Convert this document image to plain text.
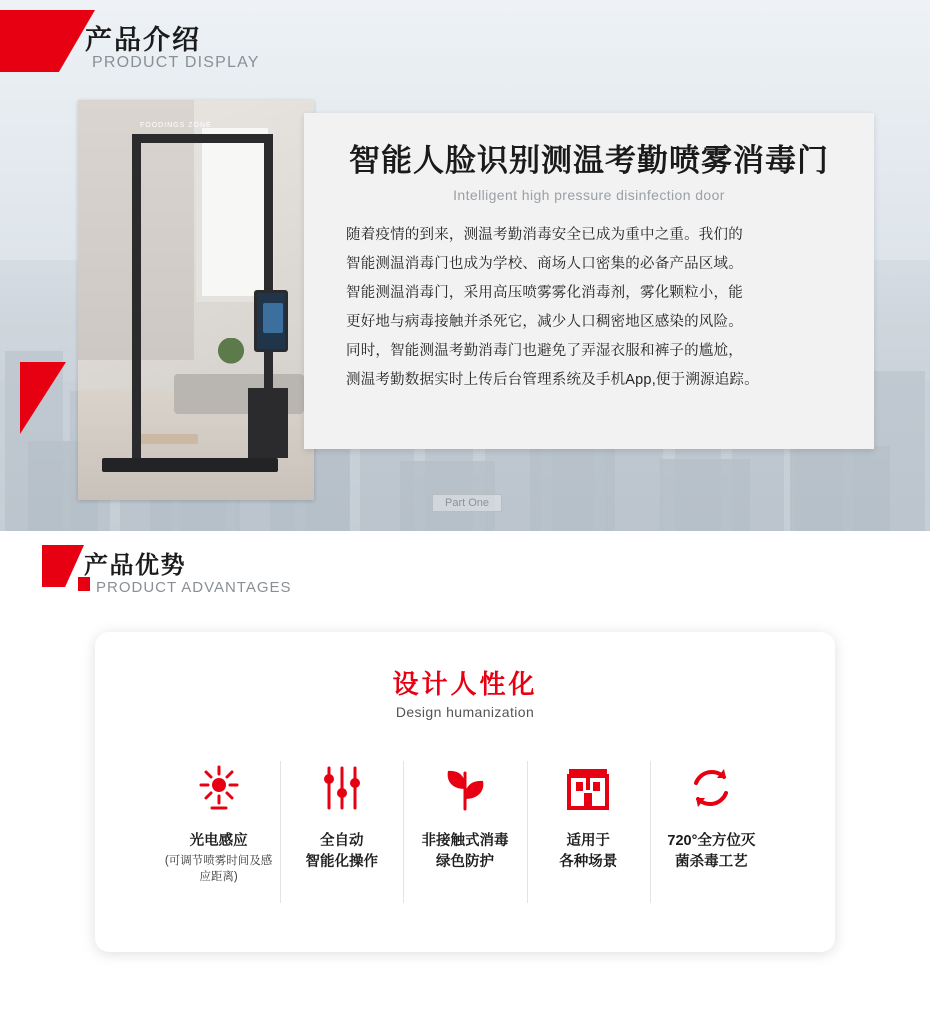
产品介绍
PRODUCT DISPLAY
FOODINGS ZONE
智能人脸识别测温考勤喷雾消毒门
Intelligent high pressure disinfection door

随着疫情的到来，测温考勤消毒安全已成为重中之重。我们的

智能测温消毒门也成为学校、商场人口密集的必备产品区域。

智能测温消毒门，采用高压喷雾雾化消毒剂，雾化颗粒小，能

更好地与病毒接触并杀死它，减少人口稠密地区感染的风险。

同时，智能测温考勤消毒门也避免了弄湿衣服和裤子的尴尬，

测温考勤数据实时上传后台管理系统及手机App,便于溯源追踪。

Part One
产品优势
PRODUCT ADVANTAGES
设计人性化
Design humanization
光电感应
(可调节喷雾时间及感应距离)
全自动
智能化操作
非接触式消毒
绿色防护
适用于
各种场景
720°全方位灭
菌杀毒工艺
